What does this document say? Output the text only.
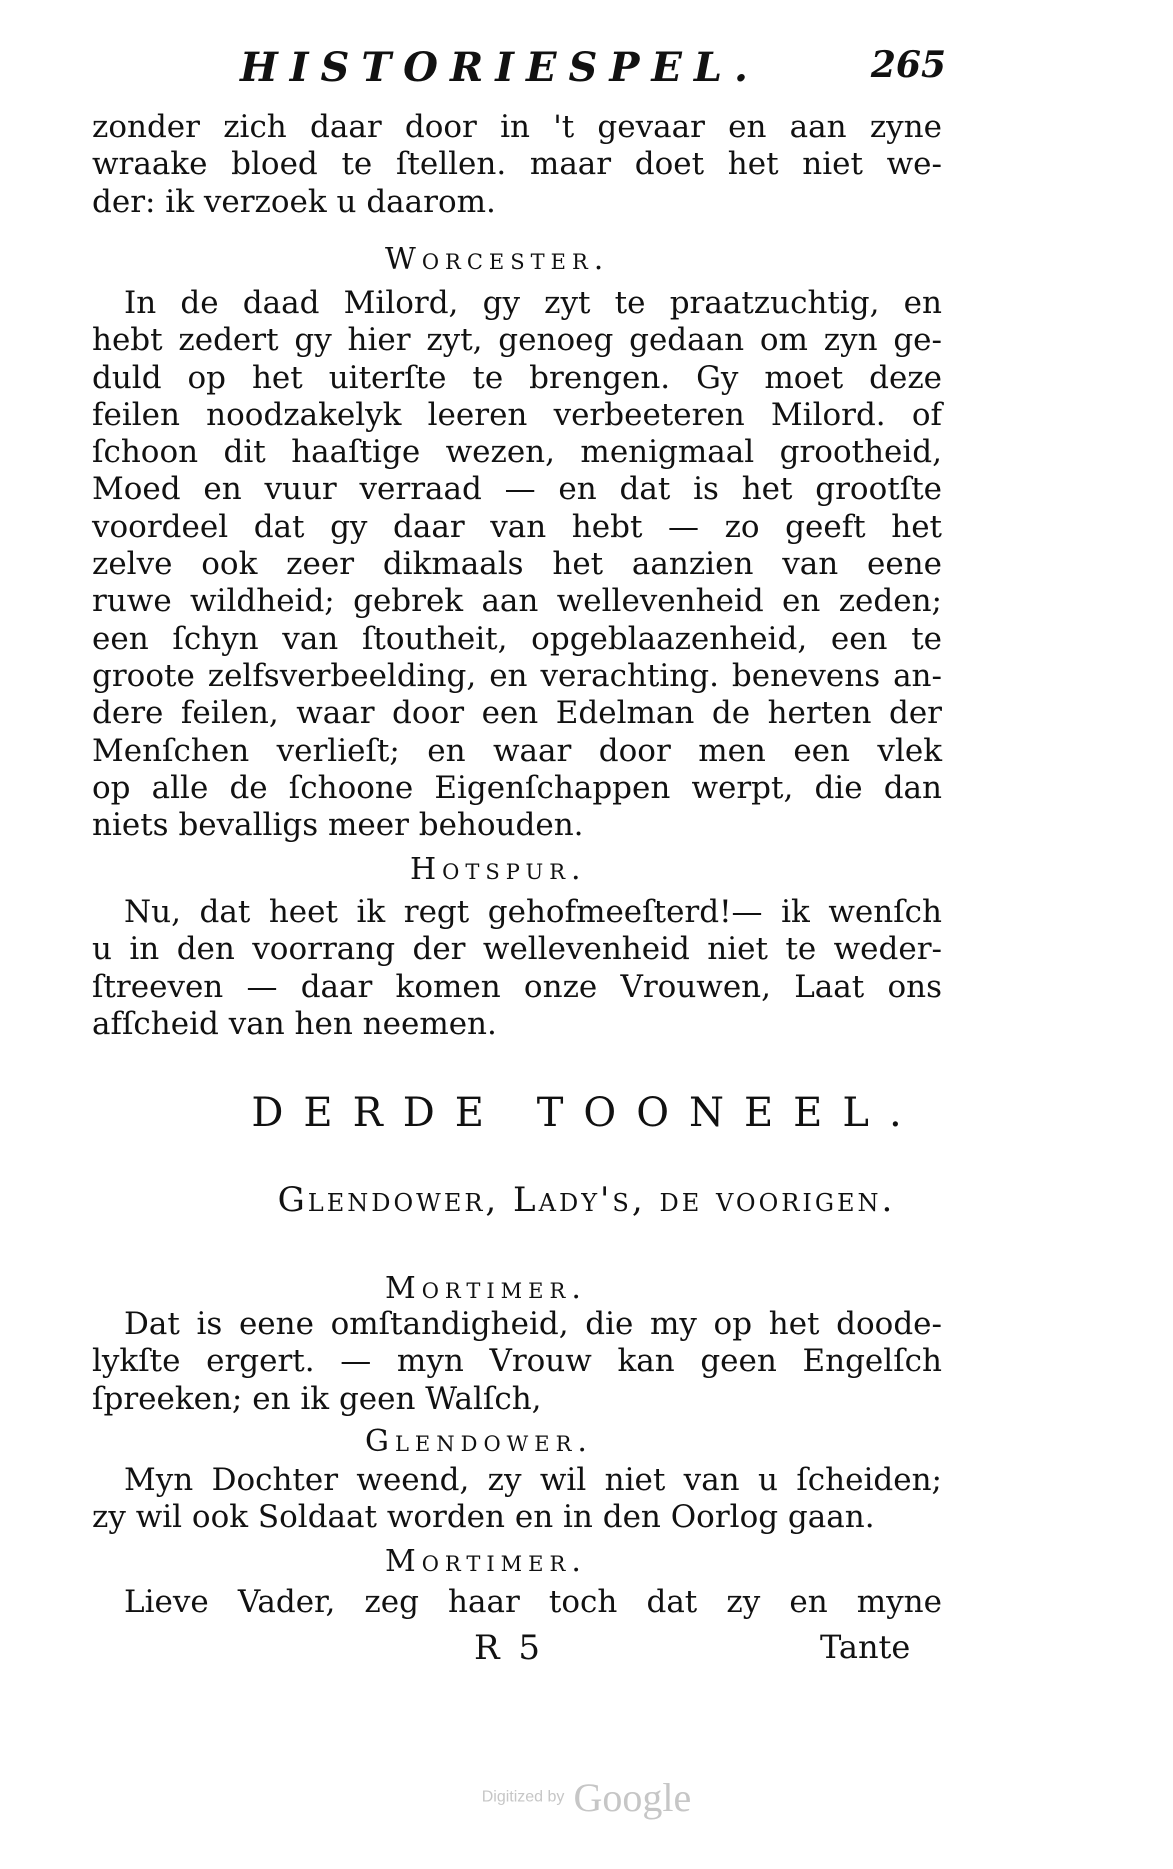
HISTORIESPEL.	265
zonder zich daar door in 't gevaar en aan zyne
wraake bloed te ſtellen. maar doet het niet we-
der: ik verzoek u daarom.
Worcester.
In de daad Milord, gy zyt te praatzuchtig, en
hebt zedert gy hier zyt, genoeg gedaan om zyn ge-
duld op het uiterſte te brengen. Gy moet deze
feilen noodzakelyk leeren verbeeteren Milord. of
ſchoon dit haaſtige wezen, menigmaal grootheid,
Moed en vuur verraad — en dat is het grootſte
voordeel dat gy daar van hebt — zo geeft het
zelve ook zeer dikmaals het aanzien van eene
ruwe wildheid; gebrek aan wellevenheid en zeden;
een ſchyn van ſtoutheit, opgeblaazenheid, een te
groote zelfsverbeelding, en verachting. benevens an-
dere feilen, waar door een Edelman de herten der
Menſchen verlieſt; en waar door men een vlek
op alle de ſchoone Eigenſchappen werpt, die dan
niets bevalligs meer behouden.
Hotspur.
Nu, dat heet ik regt gehofmeeſterd!— ik wenſch
u in den voorrang der wellevenheid niet te weder-
ſtreeven — daar komen onze Vrouwen, Laat ons
afſcheid van hen neemen.
DERDE TOONEEL.
Glendower, Lady's, de voorigen.
Mortimer.
Dat is eene omſtandigheid, die my op het doode-
lykſte ergert. — myn Vrouw kan geen Engelſch
ſpreeken; en ik geen Walſch,
Glendower.
Myn Dochter weend, zy wil niet van u ſcheiden;
zy wil ook Soldaat worden en in den Oorlog gaan.
Mortimer.
Lieve Vader, zeg haar toch dat zy en myne
R 5	Tante
Digitized by Google
